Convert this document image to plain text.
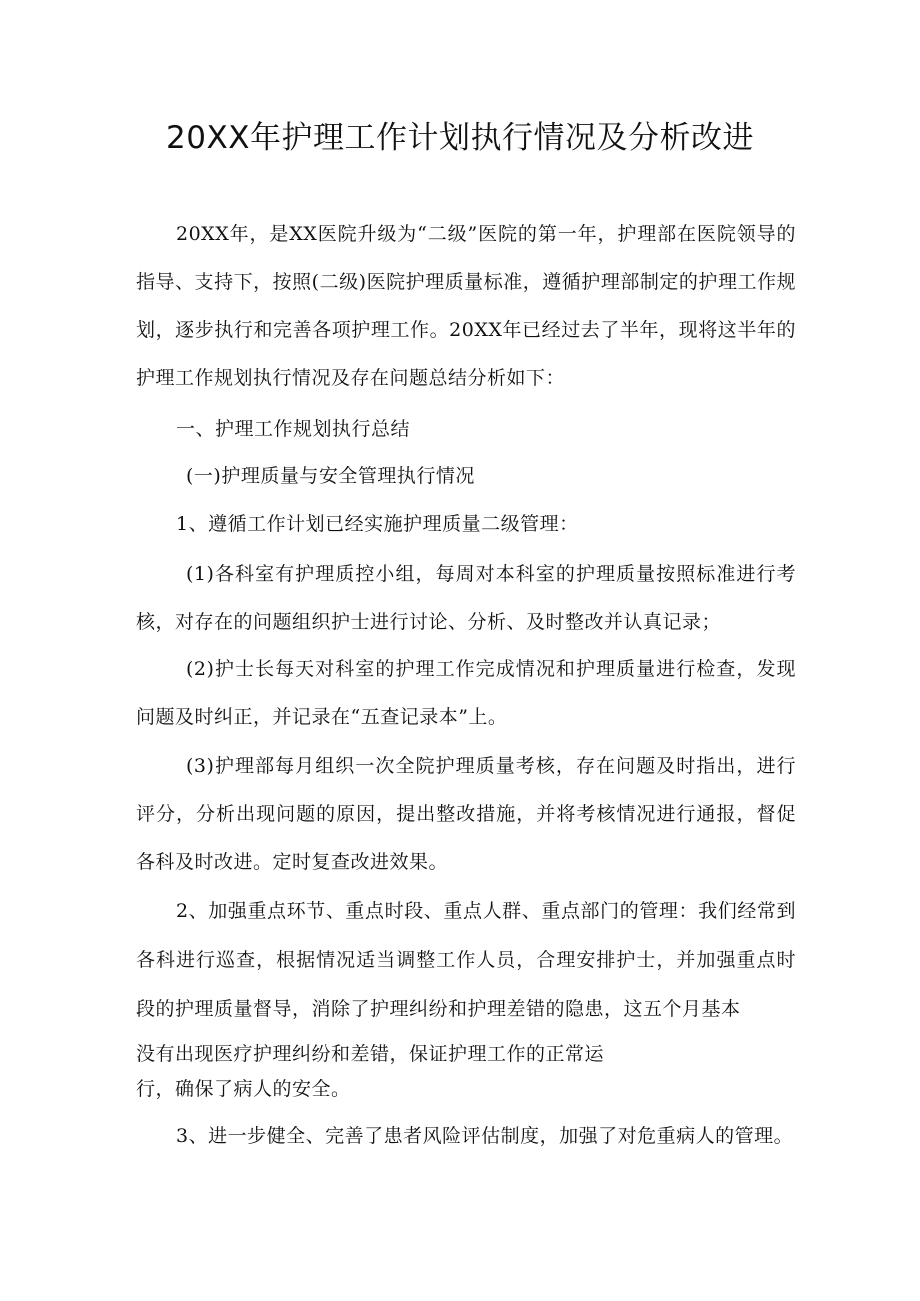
20XX年护理工作计划执行情况及分析改进

20XX年，是XX医院升级为“二级”医院的第一年，护理部在医院领导的指导、支持下，按照(二级)医院护理质量标准，遵循护理部制定的护理工作规划，逐步执行和完善各项护理工作。20XX年已经过去了半年，现将这半年的护理工作规划执行情况及存在问题总结分析如下：

一、护理工作规划执行总结

(一)护理质量与安全管理执行情况

1、遵循工作计划已经实施护理质量二级管理：

(1)各科室有护理质控小组，每周对本科室的护理质量按照标准进行考核，对存在的问题组织护士进行讨论、分析、及时整改并认真记录；

(2)护士长每天对科室的护理工作完成情况和护理质量进行检查，发现问题及时纠正，并记录在“五查记录本”上。

(3)护理部每月组织一次全院护理质量考核，存在问题及时指出，进行评分，分析出现问题的原因，提出整改措施，并将考核情况进行通报，督促各科及时改进。定时复查改进效果。

2、加强重点环节、重点时段、重点人群、重点部门的管理：我们经常到各科进行巡查，根据情况适当调整工作人员，合理安排护士，并加强重点时段的护理质量督导，消除了护理纠纷和护理差错的隐患，这五个月基本

没有出现医疗护理纠纷和差错，保证护理工作的正常运

行，确保了病人的安全。

3、进一步健全、完善了患者风险评估制度，加强了对危重病人的管理。
